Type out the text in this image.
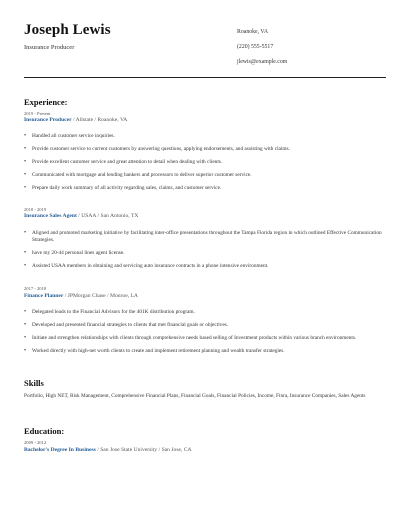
Joseph Lewis
Insurance Producer
Roanoke, VA
(220) 555-5517
jlewis@example.com
Experience:
2019 - Present
Insurance Producer / Allstate / Roanoke, VA
• Handled all customer service inquiries.
• Provide customer service to current customers by answering questions, applying endorsements, and assisting with claims.
• Provide excellent customer service and great attention to detail when dealing with clients.
• Communicated with mortgage and lending bankers and processors to deliver superior customer service.
• Prepare daily work summary of all activity regarding sales, claims, and customer service.
2018 - 2019
Insurance Sales Agent / USAA / San Antonio, TX
• Aligned and promoted marketing initiative by facilitating inter-office presentations throughout the Tampa Florida region in which outlined Effective Communication Strategies.
• have my 20-44 personal lines agent license.
• Assisted USAA members in obtaining and servicing auto insurance contracts in a phone intensive environment.
2017 - 2018
Finance Planner / JPMorgan Chase / Monroe, LA
• Delegated leads to the Financial Advisors for the 401K distribution program.
• Developed and presented financial strategies to clients that met financial goals or objectives.
• Initiate and strengthen relationships with clients through comprehensive needs based selling of Investment products within various branch environments.
• Worked directly with high-net worth clients to create and implement retirement planning and wealth transfer strategies.
Skills
Portfolio, High NET, Risk Management, Comprehensive Financial Plans, Financial Goals, Financial Policies, Income, Finra, Insurance Companies, Sales Agents
Education:
2009 - 2012
Bachelor's Degree In Business / San Jose State University / San Jose, CA
